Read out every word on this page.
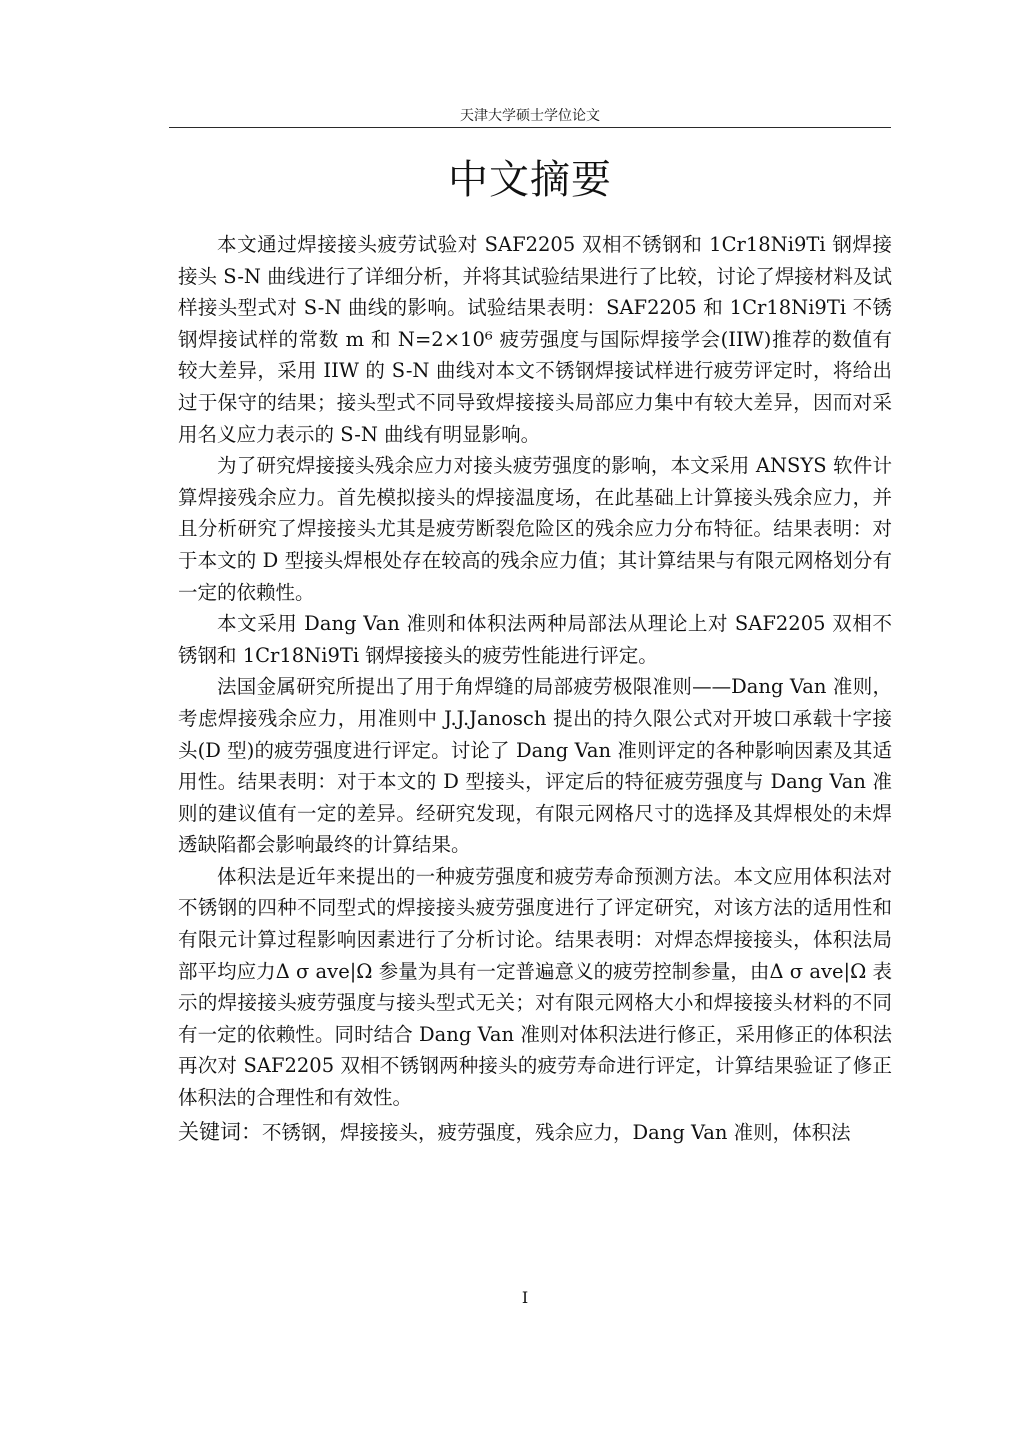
天津大学硕士学位论文
中文摘要

本文通过焊接接头疲劳试验对 SAF2205 双相不锈钢和 1Cr18Ni9Ti 钢焊接接头 S-N 曲线进行了详细分析，并将其试验结果进行了比较，讨论了焊接材料及试样接头型式对 S-N 曲线的影响。试验结果表明：SAF2205 和 1Cr18Ni9Ti 不锈钢焊接试样的常数 m 和 N=2×10⁶ 疲劳强度与国际焊接学会(IIW)推荐的数值有较大差异，采用 IIW 的 S-N 曲线对本文不锈钢焊接试样进行疲劳评定时，将给出过于保守的结果；接头型式不同导致焊接接头局部应力集中有较大差异，因而对采用名义应力表示的 S-N 曲线有明显影响。

为了研究焊接接头残余应力对接头疲劳强度的影响，本文采用 ANSYS 软件计算焊接残余应力。首先模拟接头的焊接温度场，在此基础上计算接头残余应力，并且分析研究了焊接接头尤其是疲劳断裂危险区的残余应力分布特征。结果表明：对于本文的 D 型接头焊根处存在较高的残余应力值；其计算结果与有限元网格划分有一定的依赖性。

本文采用 Dang Van 准则和体积法两种局部法从理论上对 SAF2205 双相不锈钢和 1Cr18Ni9Ti 钢焊接接头的疲劳性能进行评定。

法国金属研究所提出了用于角焊缝的局部疲劳极限准则——Dang Van 准则，考虑焊接残余应力，用准则中 J.J.Janosch 提出的持久限公式对开坡口承载十字接头(D 型)的疲劳强度进行评定。讨论了 Dang Van 准则评定的各种影响因素及其适用性。结果表明：对于本文的 D 型接头，评定后的特征疲劳强度与 Dang Van 准则的建议值有一定的差异。经研究发现，有限元网格尺寸的选择及其焊根处的未焊透缺陷都会影响最终的计算结果。

体积法是近年来提出的一种疲劳强度和疲劳寿命预测方法。本文应用体积法对不锈钢的四种不同型式的焊接接头疲劳强度进行了评定研究，对该方法的适用性和有限元计算过程影响因素进行了分析讨论。结果表明：对焊态焊接接头，体积法局部平均应力Δ σ ave|Ω 参量为具有一定普遍意义的疲劳控制参量，由Δ σ ave|Ω 表示的焊接接头疲劳强度与接头型式无关；对有限元网格大小和焊接接头材料的不同有一定的依赖性。同时结合 Dang Van 准则对体积法进行修正，采用修正的体积法再次对 SAF2205 双相不锈钢两种接头的疲劳寿命进行评定，计算结果验证了修正体积法的合理性和有效性。

关键词：不锈钢，焊接接头，疲劳强度，残余应力，Dang Van 准则，体积法

I
